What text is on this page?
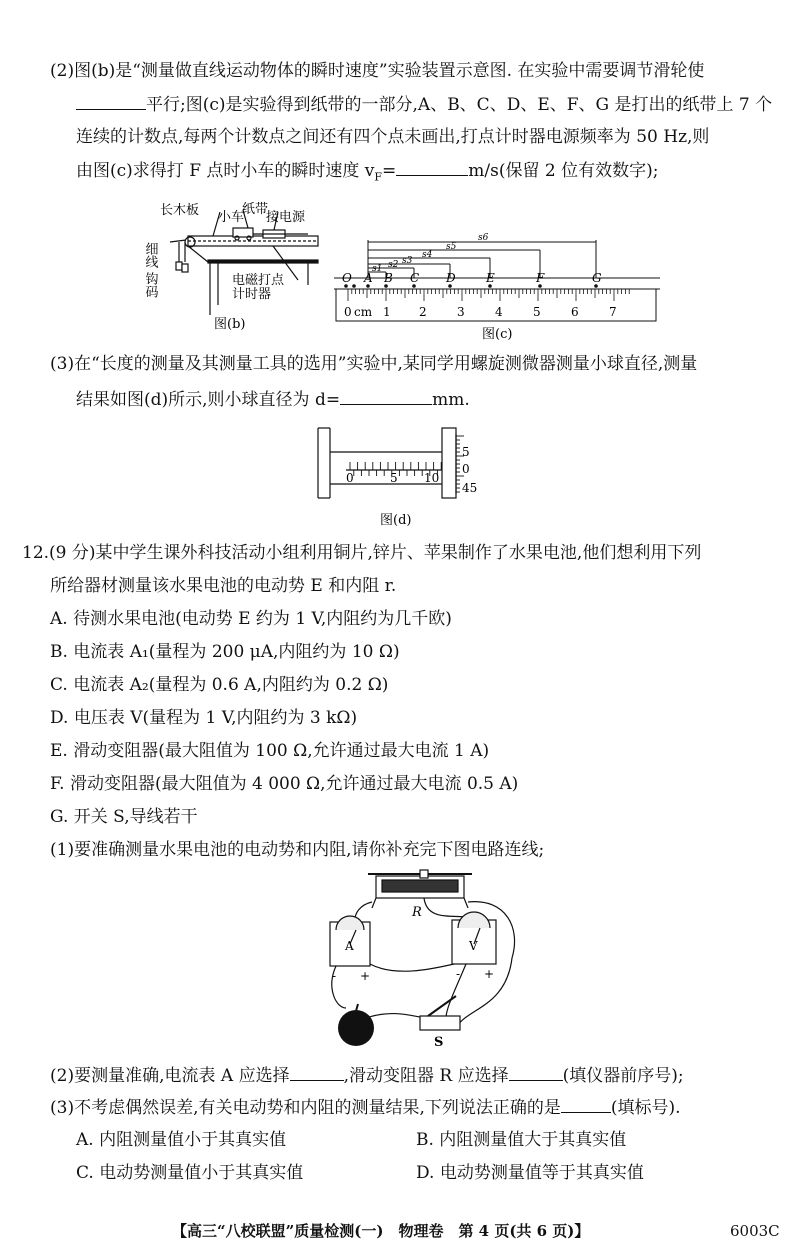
(2)图(b)是“测量做直线运动物体的瞬时速度”实验装置示意图. 在实验中需要调节滑轮使
平行;图(c)是实验得到纸带的一部分,A、B、C、D、E、F、G 是打出的纸带上 7 个
连续的计数点,每两个计数点之间还有四个点未画出,打点计时器电源频率为 50 Hz,则
由图(c)求得打 F 点时小车的瞬时速度 $v_F=$	m/s(保留 2 位有效数字);
长木板 小车
纸带
接电源
细线
钩码	电磁打点
计时器
图(b)
O A B C D	E	F	G
s6
s5
s4
s3
s2
s1
0 cm 1 2	3	4	5	6	7
图(c)
(3)在“长度的测量及其测量工具的选用”实验中,某同学用螺旋测微器测量小球直径,测量
结果如图(d)所示,则小球直径为 d=	mm.
0	5 10
5
0
45
图(d)
12.(9 分)某中学生课外科技活动小组利用铜片,锌片、苹果制作了水果电池,他们想利用下列
所给器材测量该水果电池的电动势 E 和内阻 r.
A. 待测水果电池(电动势 E 约为 1 V,内阻约为几千欧)
B. 电流表 A₁(量程为 200 μA,内阻约为 10 Ω)
C. 电流表 A₂(量程为 0.6 A,内阻约为 0.2 Ω)
D. 电压表 V(量程为 1 V,内阻约为 3 kΩ)
E. 滑动变阻器(最大阻值为 100 Ω,允许通过最大电流 1 A)
F. 滑动变阻器(最大阻值为 4 000 Ω,允许通过最大电流 0.5 A)
G. 开关 S,导线若干
(1)要准确测量水果电池的电动势和内阻,请你补充完下图电路连线;
R
A	V
S
- +	- +
(2)要测量准确,电流表 A 应选择	,滑动变阻器 R 应选择	(填仪器前序号);
(3)不考虑偶然误差,有关电动势和内阻的测量结果,下列说法正确的是	(填标号).
A. 内阻测量值小于其真实值	B. 内阻测量值大于其真实值
C. 电动势测量值小于其真实值	D. 电动势测量值等于其真实值
【高三“八校联盟”质量检测(一)　物理卷　第 4 页(共 6 页)】	6003C
